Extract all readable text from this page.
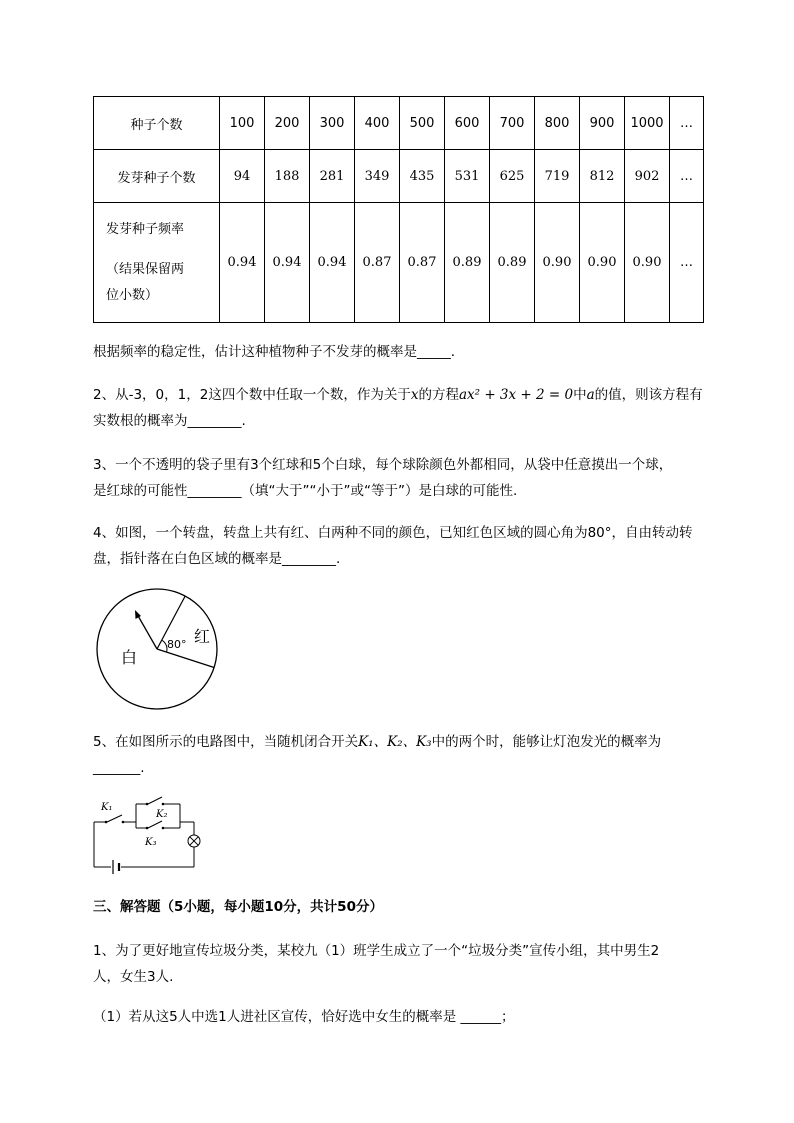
种子个数	100	200	300	400	500	600	700	800	900	1000	…
发芽种子个数	94	188	281	349	435	531	625	719	812	902	…

发芽种子频率
（结果保留两
位小数）	0.94	0.94	0.94	0.87	0.87	0.89	0.89	0.90	0.90	0.90	…

根据频率的稳定性，估计这种植物种子不发芽的概率是_____.

2、从-3，0，1，2这四个数中任取一个数，作为关于x的方程ax² + 3x + 2 = 0中a的值，则该方程有
实数根的概率为________.

3、一个不透明的袋子里有3个红球和5个白球，每个球除颜色外都相同，从袋中任意摸出一个球，
是红球的可能性________（填“大于”“小于”或“等于”）是白球的可能性.

4、如图，一个转盘，转盘上共有红、白两种不同的颜色，已知红色区域的圆心角为80°，自由转动转
盘，指针落在白色区域的概率是________.

80° 红
白

5、在如图所示的电路图中，当随机闭合开关K₁、K₂、K₃中的两个时，能够让灯泡发光的概率为
_______.

K₁
K₂
K₃

三、解答题（5小题，每小题10分，共计50分）

1、为了更好地宣传垃圾分类，某校九（1）班学生成立了一个“垃圾分类”宣传小组，其中男生2
人，女生3人.

（1）若从这5人中选1人进社区宣传，恰好选中女生的概率是 ______；
